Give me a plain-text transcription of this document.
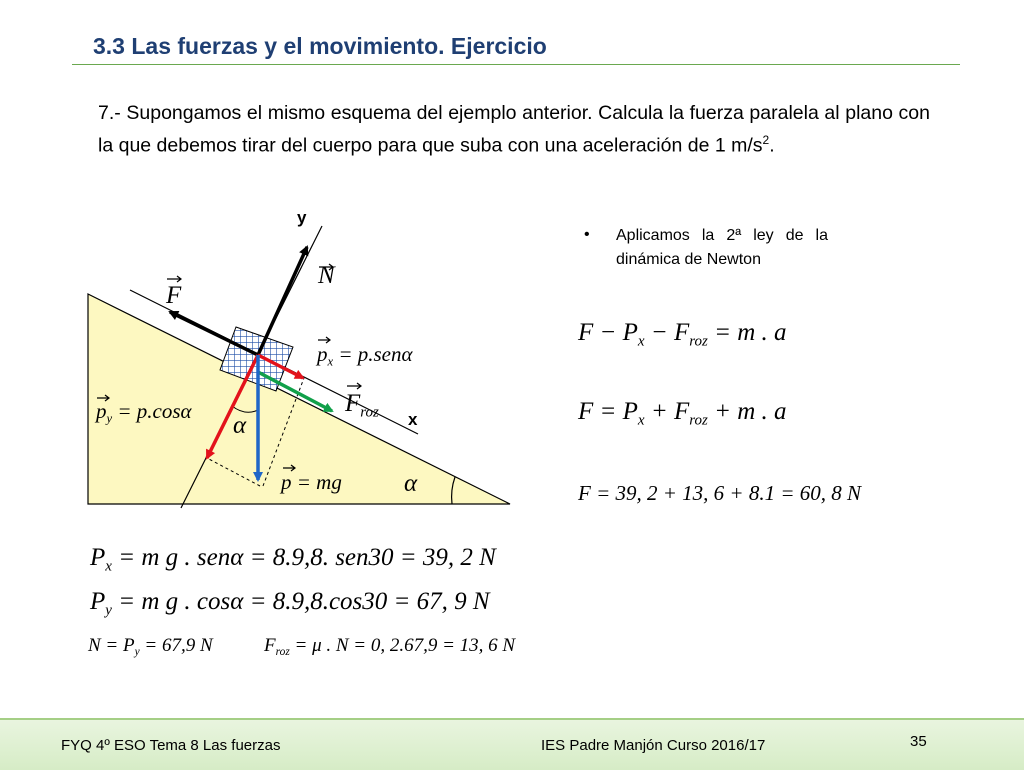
3.3 Las fuerzas y el movimiento. Ejercicio
7.- Supongamos el mismo esquema del ejemplo anterior. Calcula la fuerza paralela al plano con la que debemos tirar del cuerpo para que suba con una aceleración de 1 $m/s^2$.
y
x
N
F
$p_x = p.sen\alpha$
$p_y = p.\cos\alpha$	$F_{roz}$
α
α
p = mg
• Aplicamos la 2ª ley de la dinámica de Newton
$F - P_x - F_{roz} = m$ . a
$F = P_x + F_{roz} + m$ . a
F = 39, 2 + 13, 6 + 8.1 = 60, 8 N
$P_x = m$ g . senα = 8.9,8. sen30 = 39, 2 N
$P_y = m$ g . cosα = 8.9,8.cos30 = 67, 9 N
$N = P_y = 67,9$ N	$F_{roz} = \mu$ . N = 0, 2.67,9 = 13, 6 N
FYQ 4º ESO Tema 8 Las fuerzas	IES Padre Manjón Curso 2016/17	35
